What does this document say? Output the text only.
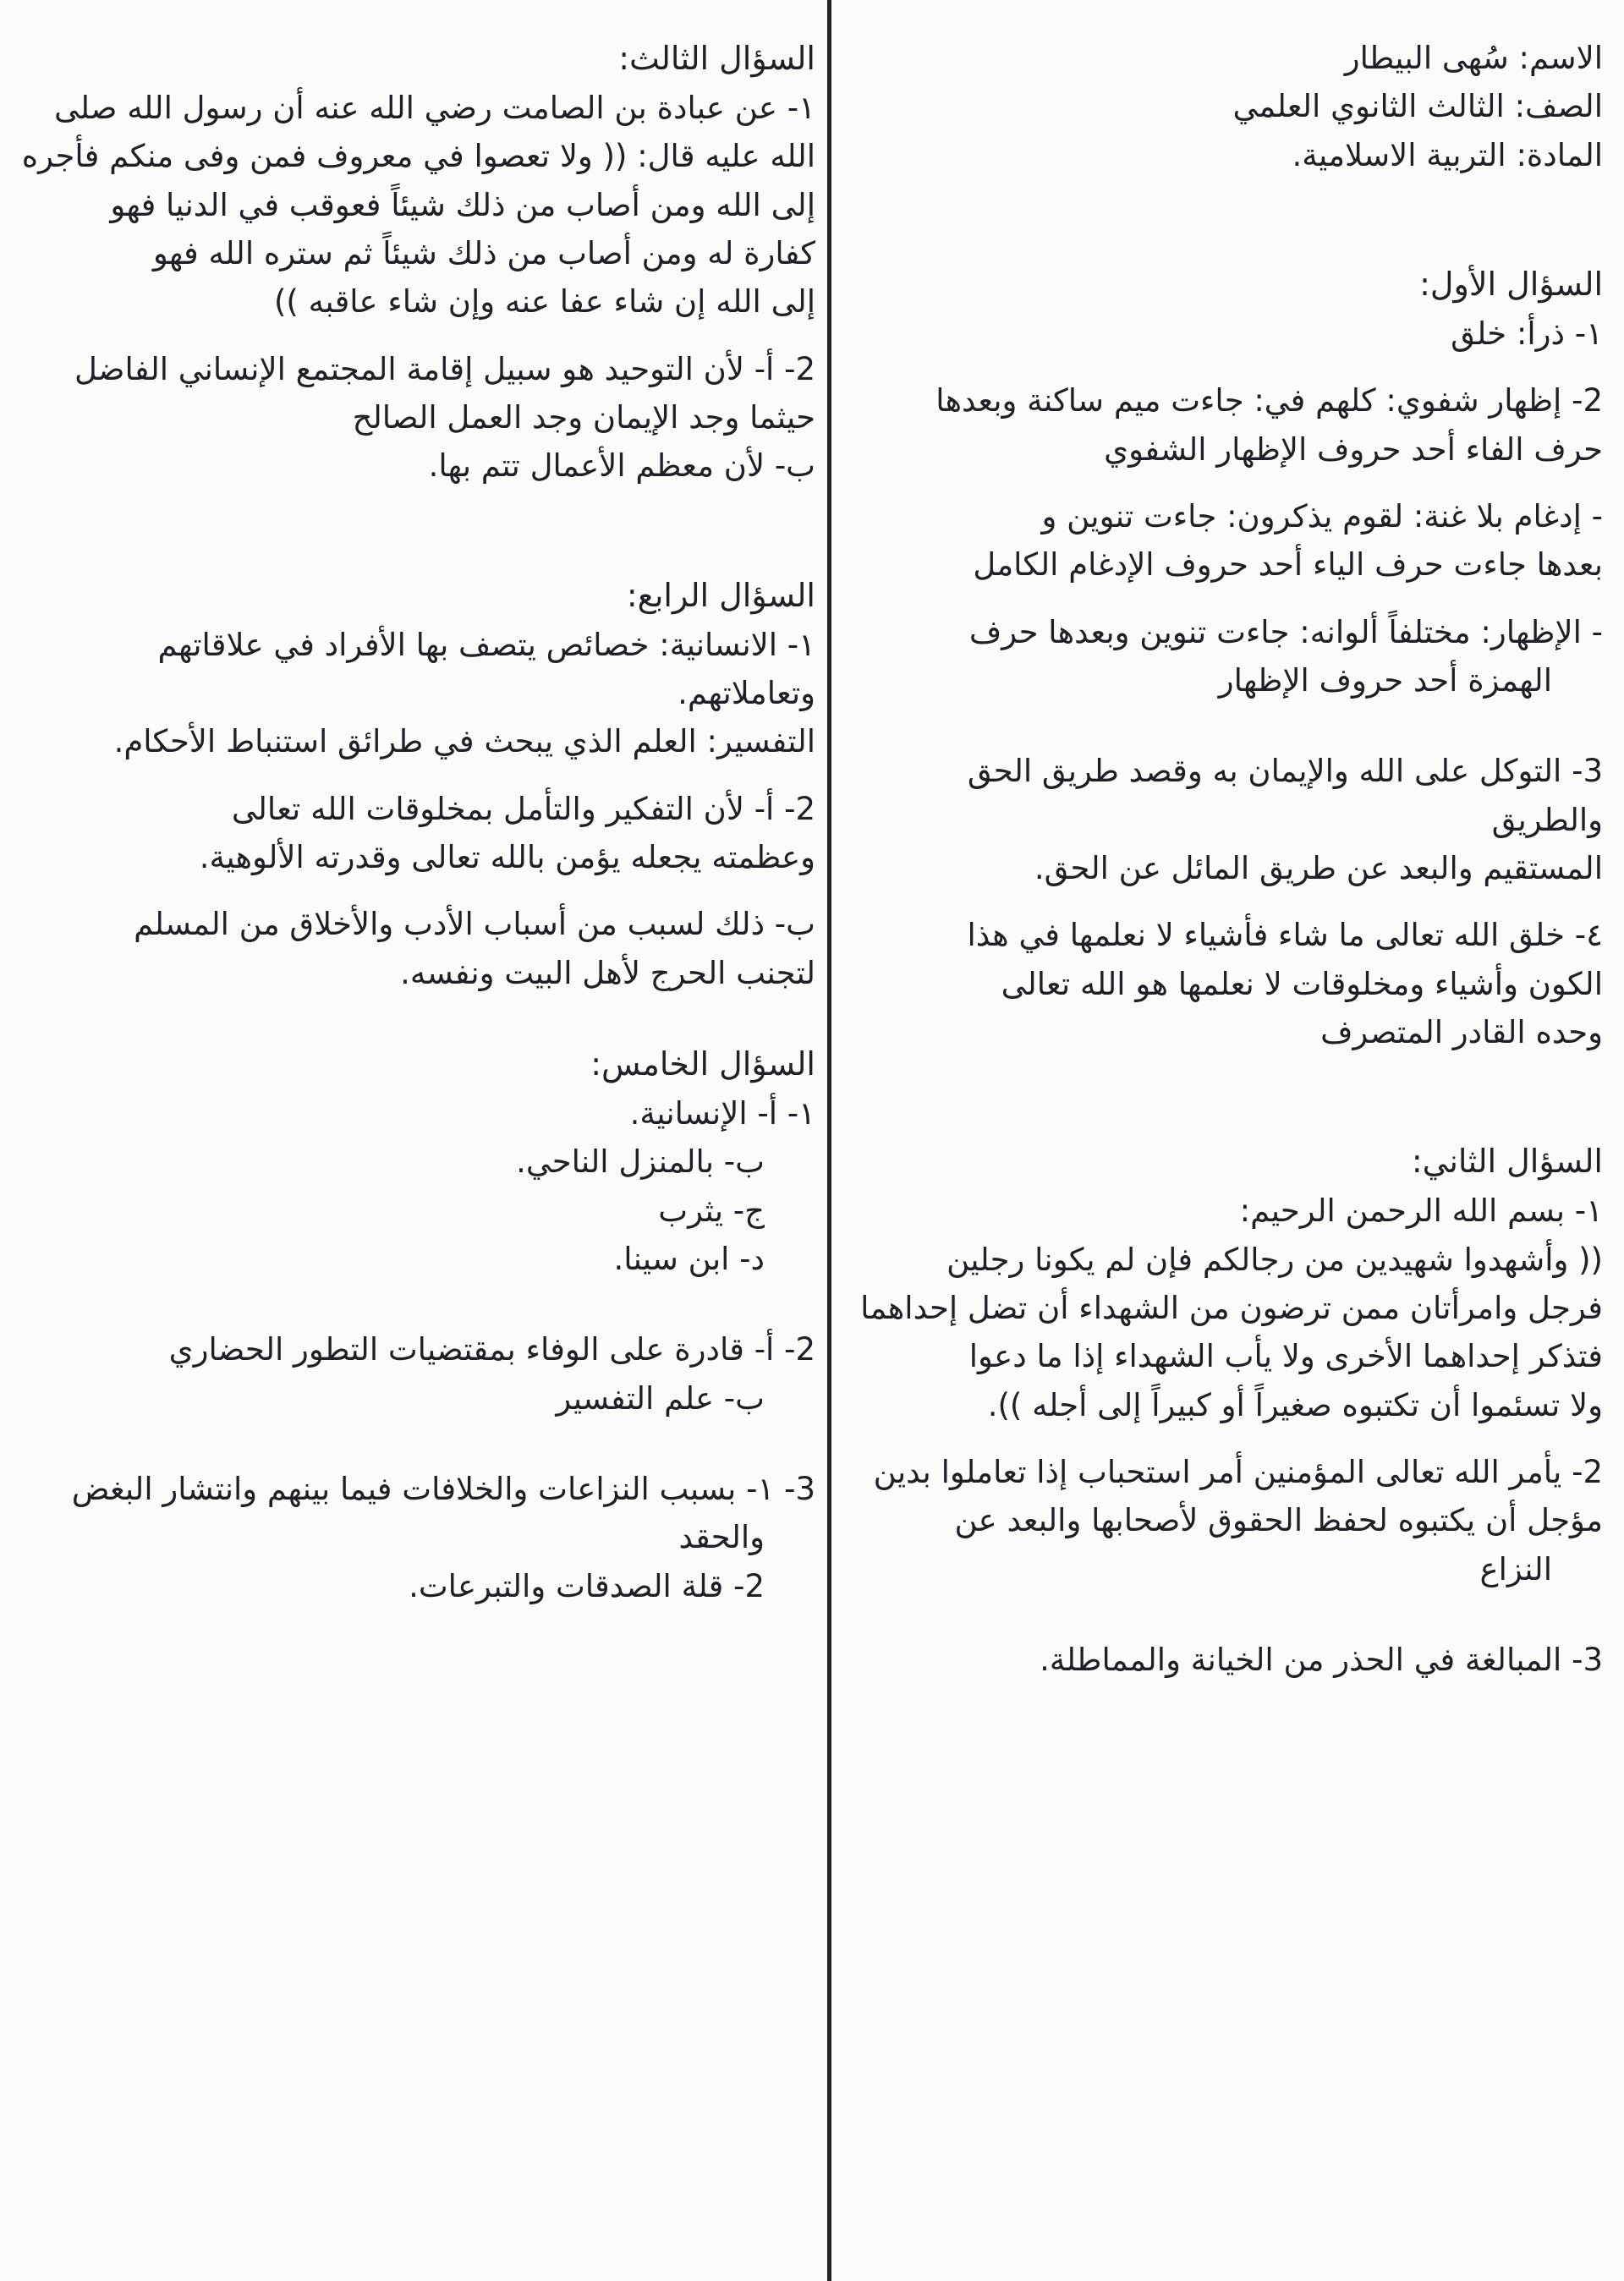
الاسم: سُهى البيطار

الصف: الثالث الثانوي العلمي

المادة: التربية الاسلامية.

السؤال الأول:

١- ذرأ: خلق

2- إظهار شفوي: كلهم في: جاءت ميم ساكنة وبعدها

حرف الفاء أحد حروف الإظهار الشفوي

- إدغام بلا غنة: لقوم يذكرون: جاءت تنوين و

بعدها جاءت حرف الياء أحد حروف الإدغام الكامل

- الإظهار: مختلفاً ألوانه: جاءت تنوين وبعدها حرف

الهمزة أحد حروف الإظهار

3- التوكل على الله والإيمان به وقصد طريق الحق والطريق

المستقيم والبعد عن طريق المائل عن الحق.

٤- خلق الله تعالى ما شاء فأشياء لا نعلمها في هذا

الكون وأشياء ومخلوقات لا نعلمها هو الله تعالى

وحده القادر المتصرف

السؤال الثاني:

١- بسم الله الرحمن الرحيم:

(( وأشهدوا شهيدين من رجالكم فإن لم يكونا رجلين

فرجل وامرأتان ممن ترضون من الشهداء أن تضل إحداهما

فتذكر إحداهما الأخرى ولا يأب الشهداء إذا ما دعوا

ولا تسئموا أن تكتبوه صغيراً أو كبيراً إلى أجله )).

2- يأمر الله تعالى المؤمنين أمر استحباب إذا تعاملوا بدين

مؤجل أن يكتبوه لحفظ الحقوق لأصحابها والبعد عن

النزاع

3- المبالغة في الحذر من الخيانة والمماطلة.

السؤال الثالث:

١- عن عبادة بن الصامت رضي الله عنه أن رسول الله صلى

الله عليه قال: (( ولا تعصوا في معروف فمن وفى منكم فأجره

إلى الله ومن أصاب من ذلك شيئاً فعوقب في الدنيا فهو

كفارة له ومن أصاب من ذلك شيئاً ثم ستره الله فهو

إلى الله إن شاء عفا عنه وإن شاء عاقبه ))

2- أ- لأن التوحيد هو سبيل إقامة المجتمع الإنساني الفاضل

حيثما وجد الإيمان وجد العمل الصالح

ب- لأن معظم الأعمال تتم بها.

السؤال الرابع:

١- الانسانية: خصائص يتصف بها الأفراد في علاقاتهم وتعاملاتهم.

التفسير: العلم الذي يبحث في طرائق استنباط الأحكام.

2- أ- لأن التفكير والتأمل بمخلوقات الله تعالى

وعظمته يجعله يؤمن بالله تعالى وقدرته الألوهية.

ب- ذلك لسبب من أسباب الأدب والأخلاق من المسلم

لتجنب الحرج لأهل البيت ونفسه.

السؤال الخامس:

١- أ- الإنسانية.

ب- بالمنزل الناحي.

ج- يثرب

د- ابن سينا.

2- أ- قادرة على الوفاء بمقتضيات التطور الحضاري

ب- علم التفسير

3- ١- بسبب النزاعات والخلافات فيما بينهم وانتشار البغض

والحقد

2- قلة الصدقات والتبرعات.
